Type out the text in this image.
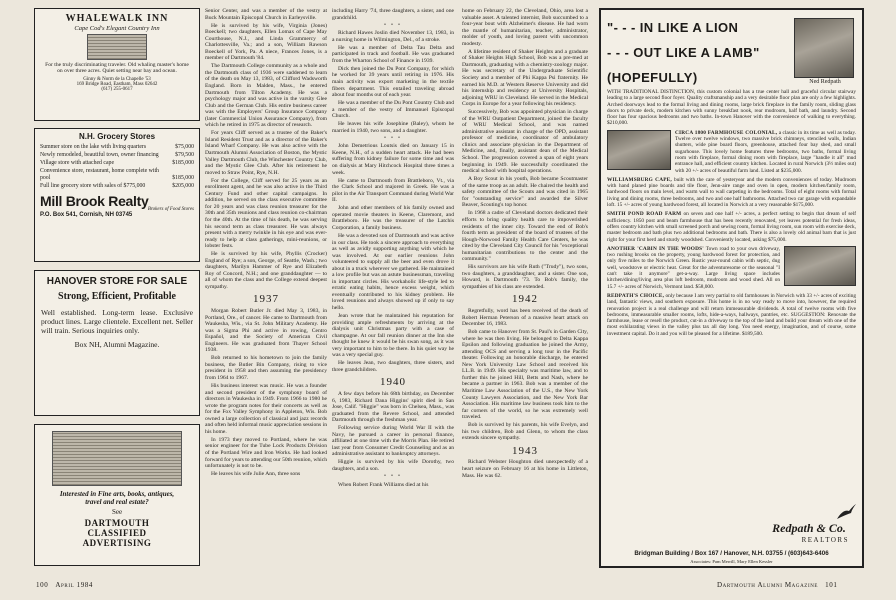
WHALEWALK INN
Cape Cod's Elegant Country Inn
For the truly discriminating traveler. Old whaling master's home on over three acres. Quiet setting near bay and ocean.
Ginny & Norm de la Chapelle '53
169 Bridge Road, Eastham, Mass 02642
(617) 255-0617
N.H. Grocery Stores
Summer store on the lake with living quarters	$75,000
Newly remodeled, beautiful town, owner financing	$79,500
Village store with attached cape	$185,000
Convenience store, restaurant, home complete with pool	$185,000
Full line grocery store with sales of $775,000	$205,000
Mill Brook Realty
Brokers of Food Stores
P.O. Box 541, Cornish, NH 03745
HANOVER STORE FOR SALE
Strong, Efficient, Profitable
Well established. Long-term lease. Exclusive product lines. Large clientele. Excellent net. Seller will train. Serious inquiries only.
Box NH, Alumni Magazine.
Interested in Fine arts, books, antiques, travel and real estate?
See
DARTMOUTH CLASSIFIED ADVERTISING

Senior Center, and was a member of the vestry at Buck Mountain Episcopal Church in Earleysville.

He is survived by his wife, Virginia (Jones) Boeckell; two daughters, Ellen Lomax of Cape May Courthouse, N.J., and Linda Grammercy of Charlottesville, Va.; and a son, William Rawson Boeckell of York, Pa. A niece, Frances Jones, is a member of Dartmouth '84.

The Dartmouth College community as a whole and the Dartmouth class of 1936 were saddened to learn of the death on May 13, 1983, of Clifford Wadsworth England. Born in Malden, Mass., he entered Dartmouth from Tilton Academy. He was a psychology major and was active in the varsity Glee Club and the German Club. His entire business career was with the Employers' Group Insurance Company (later Commercial Union Assurance Company), from which he retired in 1975 as director of research.

For years Cliff served as a trustee of the Baker's Island Resident Trust and as a director of the Baker's Island Wharf Company. He was also active with the Dartmouth Alumni Association of Boston, the Mystic Valley Dartmouth Club, the Winchester Country Club, and the Mystic Glee Club. After his retirement he moved to Straw Point, Rye, N.H.

For the College, Cliff served for 25 years as an enrollment agent, and he was also active in the Third Century Fund and other capital campaigns. In addition, he served on the class executive committee for 20 years and was class reunion treasurer for the 30th and 35th reunions and class reunion co-chairman for the 40th. At the time of his death, he was serving his second term as class treasurer. He was always present with a merry twinkle in his eye and was ever-ready to help at class gatherings, mini-reunions, or lobster fests.

He is survived by his wife, Phyllis (Crocker) England of Rye; a son, George, of Seattle, Wash.; two daughters, Marilyn Hammer of Rye and Elizabeth Roy of Concord, N.H.; and one granddaughter — to all of whom the class and the College extend deepest sympathy.

1937

Morgan Robert Butler Jr. died May 3, 1983, in Portland, Ore., of cancer. He came to Dartmouth from Waukesha, Wis., via St. John Military Academy. He was a Sigma Phi and active in rowing, Centro Español, and the Society of American Civil Engineers. He was graduated from Thayer School 1938.

Bob returned to his hometown to join the family business, the Butler Bin Company, rising to vice president in 1958 and then assuming the presidency from 1964 to 1967.

His business interest was music. He was a founder and second president of the symphony board of directors in Waukesha in 1949. From 1966 to 1980 he wrote the program notes for their concerts as well as for the Fox Valley Symphony in Appleton, Wis. Bob owned a large collection of classical and jazz records and often held informal music appreciation sessions in his home.

In 1973 they moved to Portland, where he was senior engineer for the Tube Lock Products Division of the Portland Wire and Iron Works. He had looked forward for years to attending our 50th reunion, which unfortunately is not to be.

He leaves his wife Julie Ann, three sons

including Harry '74, three daughters, a sister, and one grandchild.

• • •

Richard Hawes Joslin died November 13, 1983, in a nursing home in Wilmington, Del., of a stroke.

He was a member of Delta Tau Delta and participated in track and football. He was graduated from the Wharton School of Finance in 1939.

Dick then joined the Du Pont Company, for which he worked for 39 years until retiring in 1976. His main activity was export marketing in the textile fibers department. This entailed traveling abroad about four months out of each year.

He was a member of the Du Pont Country Club and a member of the vestry of Immanuel Episcopal Church.

He leaves his wife Josephine (Baley), whom he married in 1940, two sons, and a daughter.

• • •

John Demetrious Loutsis died on January 15 in Keene, N.H., of a sudden heart attack. He had been suffering from kidney failure for some time and was on dialysis at Mary Hitchcock Hospital three times a week.

He came to Dartmouth from Brattleboro, Vt., via the Clark School and majored in Greek. He was a pilot in the Air Transport Command during World War II.

John and other members of his family owned and operated movie theaters in Keene, Claremont, and Brattleboro. He was the treasurer of the Latchis Corporation, a family business.

He was a devoted son of Dartmouth and was active in our class. He took a sincere approach to everything as well as avidly supporting anything with which he was involved. At our earlier reunions John volunteered to supply all the beer and even drove it about in a truck wherever we gathered. He maintained a low profile but was an astute businessman, traveling in important circles. His workaholic life-style led to erratic eating habits, hence excess weight, which eventually contributed to his kidney problem. He loved reunions and always showed up if only to say hello.

Jean wrote that he maintained his reputation for providing ample refreshments by arriving at the dialysis unit Christmas party with a case of champagne. At our fall reunion dinner at the Inn she thought he knew it would be his swan song, as it was very important to him to be there. In his quiet way he was a very special guy.

He leaves Jean, two daughters, three sisters, and three grandchildren.

1940

A few days before his 68th birthday, on December 6, 1983, Richard Dana Higgins' spirit died in San Jose, Calif. "Higgie" was born in Chelsea, Mass., was graduated from the Revere School, and attended Dartmouth through the freshman year.

Following service during World War II with the Navy, he pursued a career in personal finance, affiliated at one time with the Morris Plan. He retired last year from Consumer Credit Counseling and as an administrative assistant to bankruptcy attorneys.

Higgie is survived by his wife Dorothy, two daughters, and a son.

• • •

When Robert Frank Williams died at his

home on February 22, the Cleveland, Ohio, area lost a valuable asset. A talented internist, Bob succumbed to a four-year bout with Alzheimer's disease. He had worn the mantle of humanitarian, teacher, administrator, molder of youth, and loving parent with uncommon modesty.

A lifetime resident of Shaker Heights and a graduate of Shaker Heights High School, Bob was a pre-med at Dartmouth, graduating with a chemistry-zoology major. He was secretary of the Undergraduate Scientific Society and a member of Phi Kappa Psi fraternity. He earned his M.D. at Western Reserve University and did his internship and residency at University Hospitals, adjoining WRU in Cleveland. He served in the Medical Corps in Europe for a year following his residency.

Successively, Bob was appointed physician in charge of the WRU Outpatient Department, joined the faculty of WRU Medical School, and was named administrative assistant in charge of the OPD, assistant professor of medicine, coordinator of ambulatory clinics and associate physician in the Department of Medicine, and, finally, assistant dean of the Medical School. The progression covered a span of eight years beginning in 1949. He successfully coordinated the medical school with hospital operations.

A Boy Scout in his youth, Bob became Scoutmaster of the same troop as an adult. He chaired the health and safety committee of the Scouts and was cited in 1965 for "outstanding service" and awarded the Silver Beaver, Scouting's top honor.

In 1968 a cadre of Cleveland doctors dedicated their efforts to bring quality health care to impoverished residents of the inner city. Toward the end of Bob's fourth term as president of the board of trustees of the Hough-Norwood Family Health Care Centers, he was cited by the Cleveland City Council for his "exceptional humanitarian contributions to the center and the community."

His survivors are his wife Ruth ("Trudy"), two sons, two daughters, a granddaughter, and a sister. One son, Howard, is Dartmouth '73. To Bob's family, the sympathies of his class are extended.

1942

Regretfully, word has been received of the death of Robert Herman Peterson of a massive heart attack on December 16, 1983.

Bob came to Hanover from St. Paul's in Garden City, where he was then living. He belonged to Delta Kappa Epsilon and following graduation he joined the Army, attending OCS and serving a long tour in the Pacific theater. Following an honorable discharge, he entered New York University Law School and received his LL.B. in 1949. His specialty was maritime law, and to further this he joined Hill, Betts and Nash, where he became a partner in 1963. Bob was a member of the Maritime Law Association of the U.S., the New York County Lawyers Association, and the New York Bar Association. His maritime law business took him to the far corners of the world, so he was extremely well traveled.

Bob is survived by his parents, his wife Evelyn, and his two children, Bob and Glenn, to whom the class extends sincere sympathy.

1943

Richard Webster Houghton died unexpectedly of a heart seizure on February 16 at his home in Littleton, Mass. He was 62.

"- - - IN LIKE A LION
- - - OUT LIKE A LAMB"
(HOPEFULLY)	Ned Redpath
WITH TRADITIONAL DISTINCTION, this custom colonial has a true center hall and graceful circular stairway leading to a large second floor foyer. Quality craftsmanship and a very desirable floor plan are only a few highlights. Arched doorways lead to the formal living and dining rooms, large brick fireplace in the family room, sliding glass doors to private deck, modern kitchen with sunny breakfast nook, rear mudroom, half bath, and laundry. Second floor has four spacious bedrooms and two baths. In-town Hanover with the convenience of walking to everything. $210,000.
CIRCA 1800 FARMHOUSE COLONIAL, a classic in its time as well as today. Twelve over twelve windows, two massive brick chimneys, stenciled walls, Indian shutters, wide pine board floors, greenhouse, attached four bay shed, and small sugarhouse. This lovely home features three bedrooms, two baths, formal living room with fireplace, formal dining room with fireplace, large "handle it all" mud entrance hall, and efficient country kitchen. Located in rural Norwich (3½ miles out) with 20 +/- acres of beautiful farm land. Listed at $235,000.
WILLIAMSBURG CAPE, built with the care of yesteryear and the modern conveniences of today. Mudroom with hand planed pine boards and tile floor, Jenn-aire range and oven in open, modern kitchen/family room, hardwood floors on main level, and warm wall to wall carpeting in the bedrooms. Total of eight rooms with formal living and dining rooms, three bedrooms, and two and one half bathrooms. Attached two car garage with expandable loft. 15 +/- acres of young hardwood forest, all located in Norwich at a very reasonable $175,000.
SMITH POND ROAD FARM on seven and one half +/- acres, a perfect setting to begin that dream of self sufficiency. 1850 post and beam farmhouse that has been recently renovated, yet leaves potential for fresh ideas, offers country kitchen with small screened porch and sewing room, formal living room, sun room with exercise deck, master bedroom and bath plus two additional bedrooms and bath. There is also a lovely old animal barn that is just right for your first herd and sturdy woodshed. Conveniently located, asking $75,000.
ANOTHER 'CABIN IN THE WOODS' Town road to your own driveway, two rushing brooks on the property, young hardwood forest for protection, and only five miles to the Norwich Green. Rustic year-round cabin with septic, dug well, woodstove or electric heat. Great for the adventuresome or the seasonal "I can't take it anymore" get-a-way. Large living space includes kitchen/dining/living area plus loft bedroom, mudroom and wood shed. All on 15.7 +/- acres of Norwich, Vermont land. $58,000.
REDPATH'S CHOICE, only because I am very partial to old farmhouses in Norwich with 33 +/- acres of exciting land, fantastic views, and southern exposure. This home is in no way ready to move into, however, the required renovation project is a real challenge and will return immeasurable dividends. A total of twelve rooms with five bedrooms, immeasurable smaller rooms, lofts, hide-a-ways, hallways, pantries, etc. SUGGESTION: Renovate the farmhouse, lease or resell the product, cut-in a driveway to the top of the land and build your dream with one of the most exhilarating views in the valley plus tax all day long. You need energy, imagination, and of course, some investment capital. Do it and you will be pleased for a lifetime. $189,500.
Redpath & Co.
REALTORS
Bridgman Building / Box 167 / Hanover, N.H. 03755 / (603)643-6406
Associates: Pam Merrill, Mary Ellen Kessler
100 April 1984	Dartmouth Alumni Magazine 101
